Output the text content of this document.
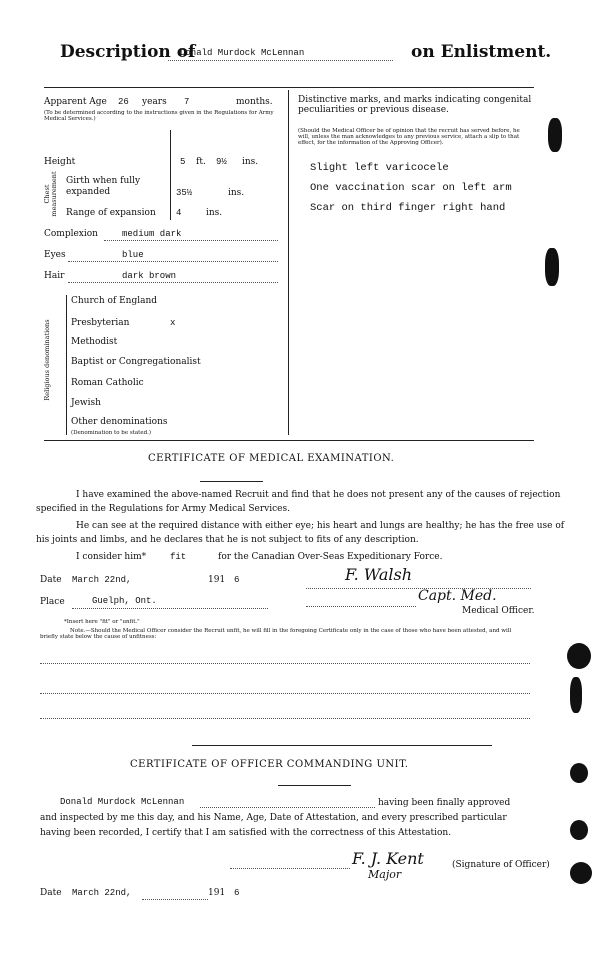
Description of
Donald Murdock McLennan	on Enlistment.
Apparent Age 26 years 7	months.
(To be determined according to the instructions given in the Regulations for Army Medical Services.)
Height	5 ft. 9½ ins.
Chest measurement Girth when fully expanded	35½	ins.
Range of expansion 4	ins.
Complexion	medium dark
Eyes	blue
Hair	dark brown
Religious denominations
Church of England
Presbyterian	x
Methodist
Baptist or Congregationalist
Roman Catholic
Jewish
Other denominations
(Denomination to be stated.)
Distinctive marks, and marks indicating congenital peculiarities or previous disease.
(Should the Medical Officer be of opinion that the recruit has served before, he will, unless the man acknowledges to any previous service, attach a slip to that effect, for the information of the Approving Officer).
Slight left varicocele
One vaccination scar on left arm
Scar on third finger right hand
CERTIFICATE OF MEDICAL EXAMINATION.
I have examined the above-named Recruit and find that he does not present any of the causes of rejection specified in the Regulations for Army Medical Services.
He can see at the required distance with either eye; his heart and lungs are healthy; he has the free use of his joints and limbs, and he declares that he is not subject to fits of any description.
I consider him*	fit	for the Canadian Over-Seas Expeditionary Force.
Date March 22nd,	191 6	F. Walsh
Place	Guelph, Ont.	Capt. Med.
Medical Officer.
*Insert here "fit" or "unfit."
Note.—Should the Medical Officer consider the Recruit unfit, he will fill in the foregoing Certificate only in the case of those who have been attested, and will briefly state below the cause of unfitness:
CERTIFICATE OF OFFICER COMMANDING UNIT.
Donald Murdock McLennan	having been finally approved and inspected by me this day, and his Name, Age, Date of Attestation, and every prescribed particular having been recorded, I certify that I am satisfied with the correctness of this Attestation.
F. J. Kent
Major
(Signature of Officer)
Date March 22nd,	191 6
